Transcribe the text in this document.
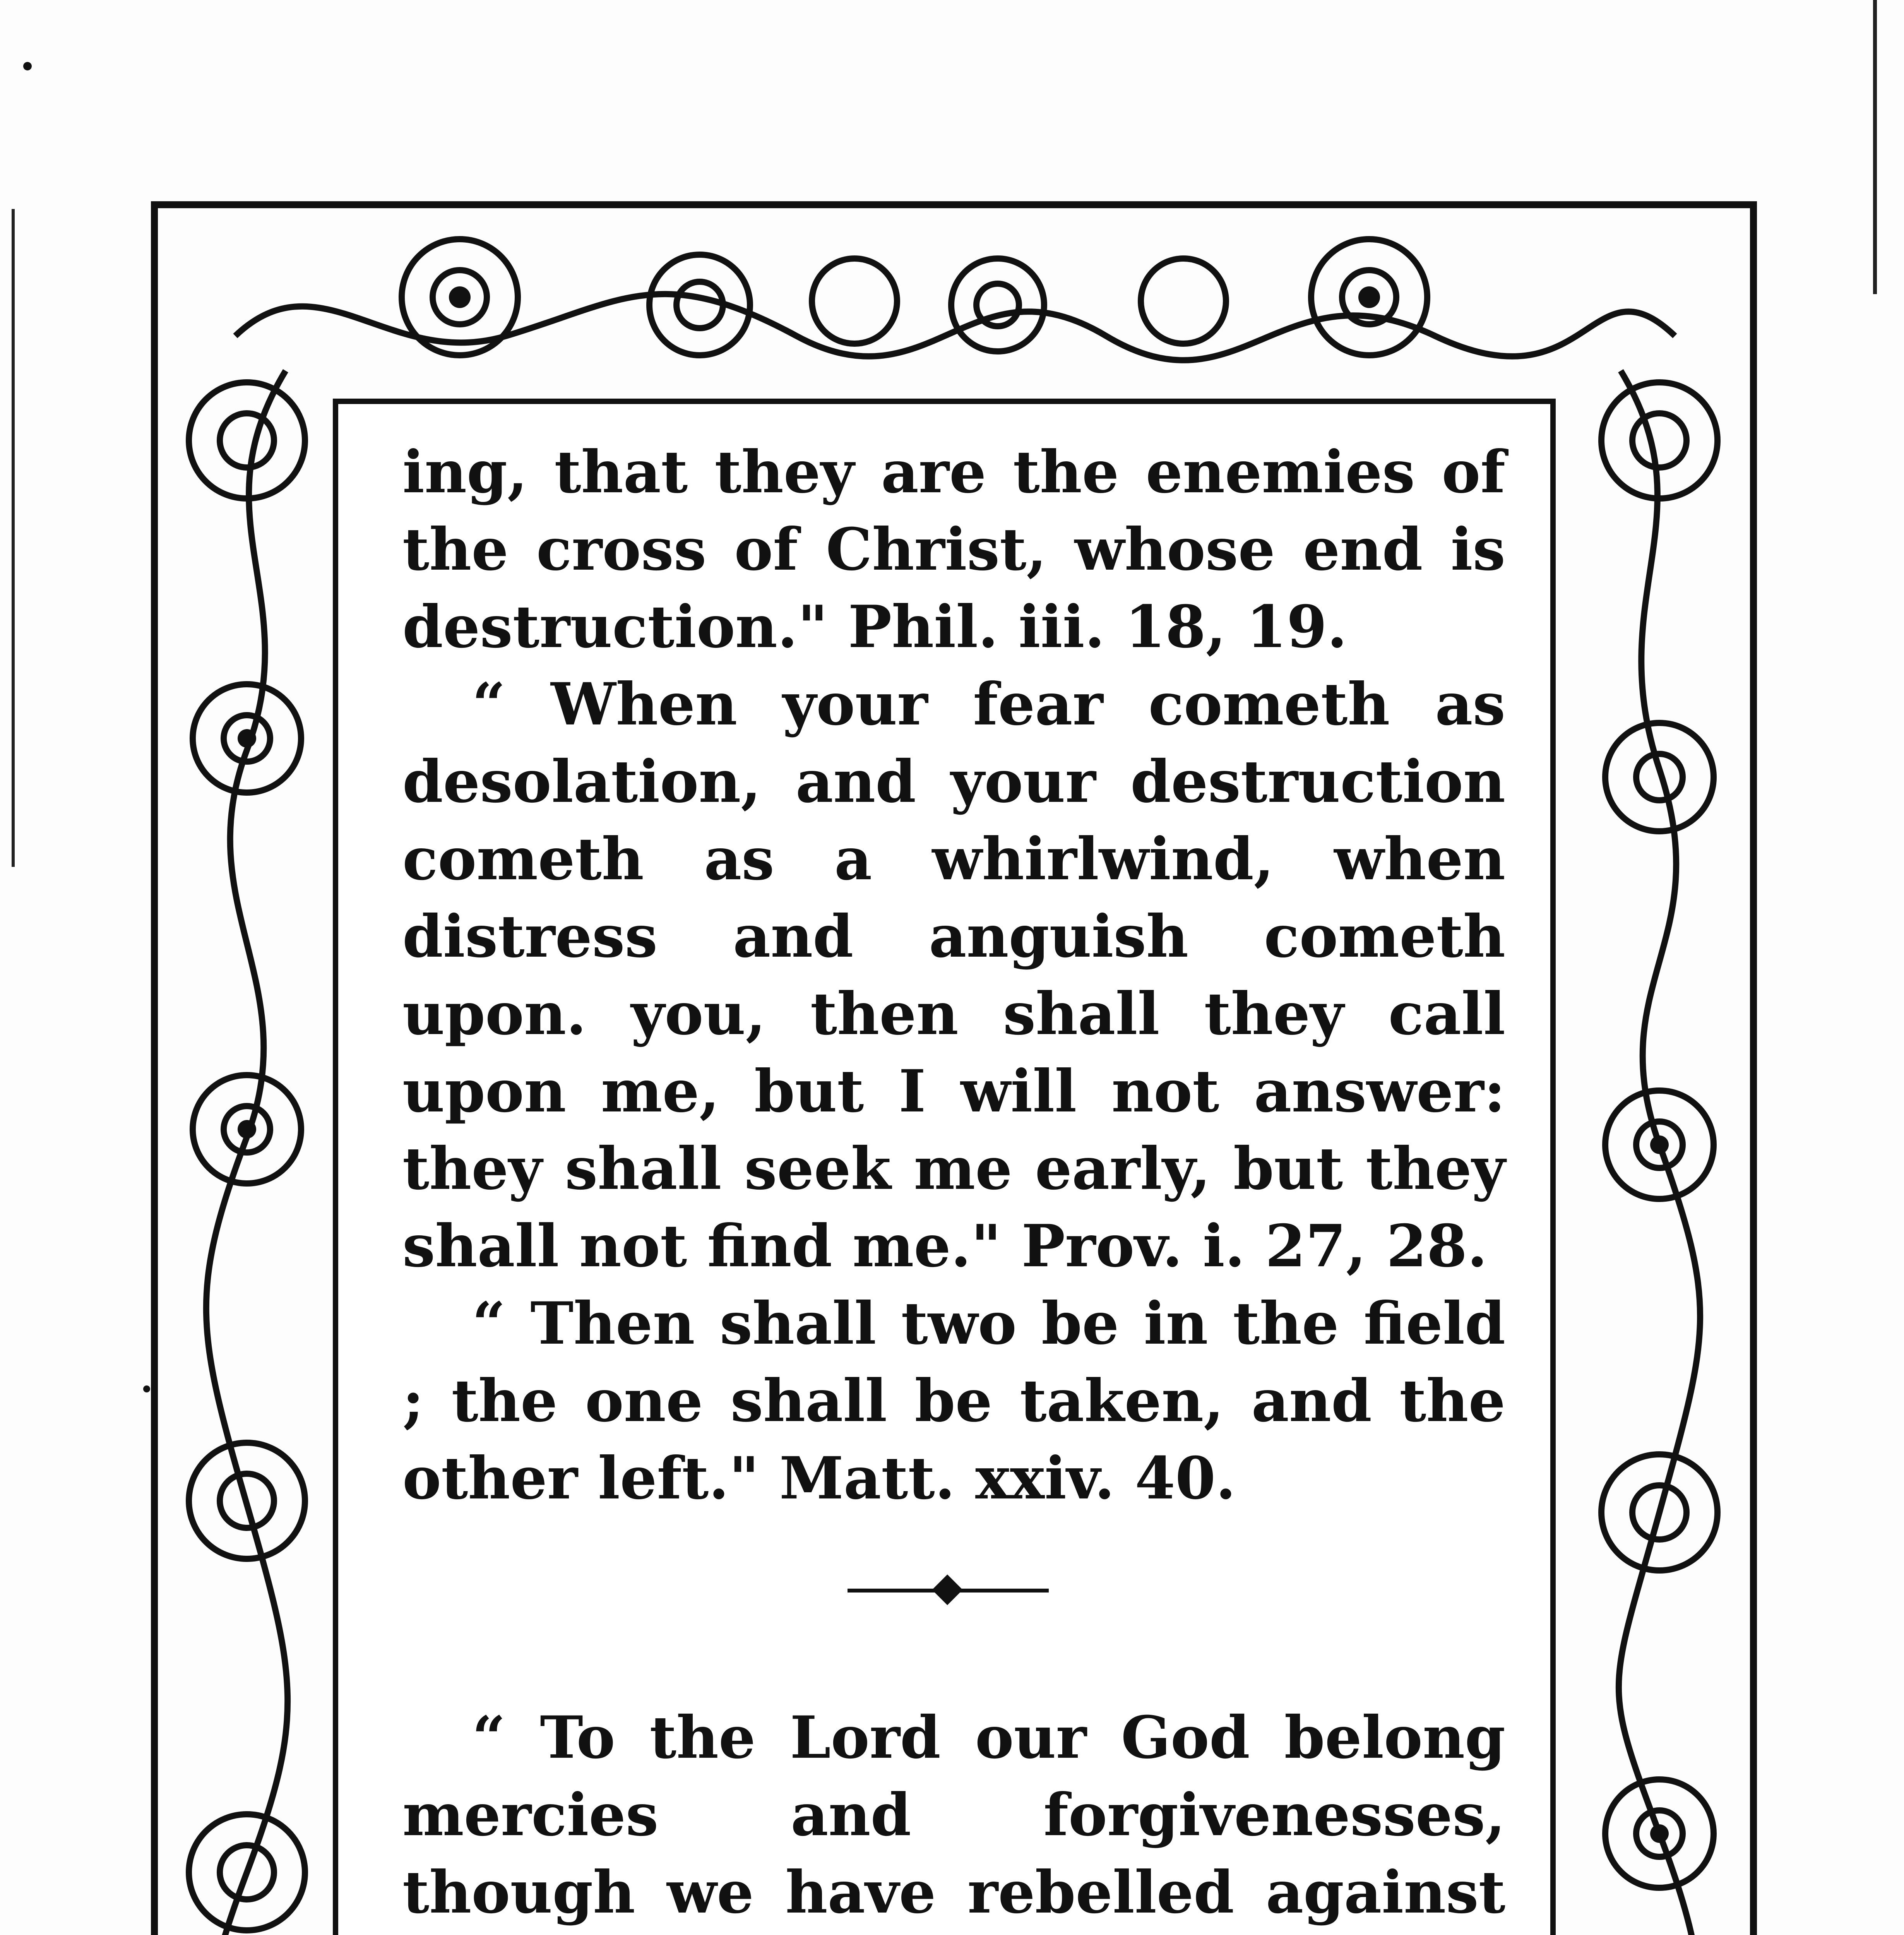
ing, that they are the enemies of the cross of Christ, whose end is destruction." Phil. iii. 18, 19.

“ When your fear cometh as desolation, and your destruction cometh as a whirlwind, when distress and anguish cometh upon. you, then shall they call upon me, but I will not answer: they shall seek me early, but they shall not find me." Prov. i. 27, 28.

“ Then shall two be in the field ; the one shall be taken, and the other left." Matt. xxiv. 40.

“ To the Lord our God belong mercies and forgivenesses, though we have rebelled against
